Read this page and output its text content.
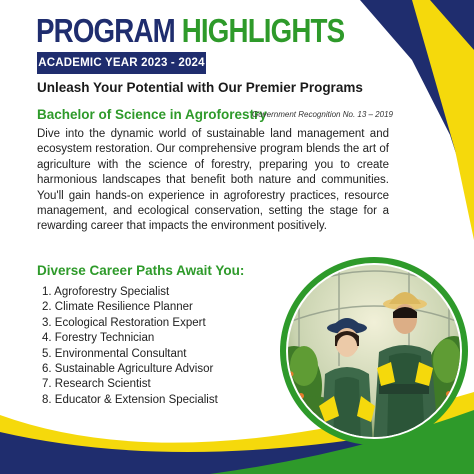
PROGRAM HIGHLIGHTS
ACADEMIC YEAR 2023 - 2024
Unleash Your Potential with Our Premier Programs
Bachelor of Science in Agroforestry
Government Recognition No. 13 – 2019

Dive into the dynamic world of sustainable land management and ecosystem restoration. Our comprehensive program blends the art of agriculture with the science of forestry, preparing you to create harmonious landscapes that benefit both nature and communities. You'll gain hands-on experience in agroforestry practices, resource management, and ecological conservation, setting the stage for a rewarding career that impacts the environment positively.

Diverse Career Paths Await You:
1. Agroforestry Specialist
2. Climate Resilience Planner
3. Ecological Restoration Expert
4. Forestry Technician
5. Environmental Consultant
6. Sustainable Agriculture Advisor
7. Research Scientist
8. Educator & Extension Specialist
